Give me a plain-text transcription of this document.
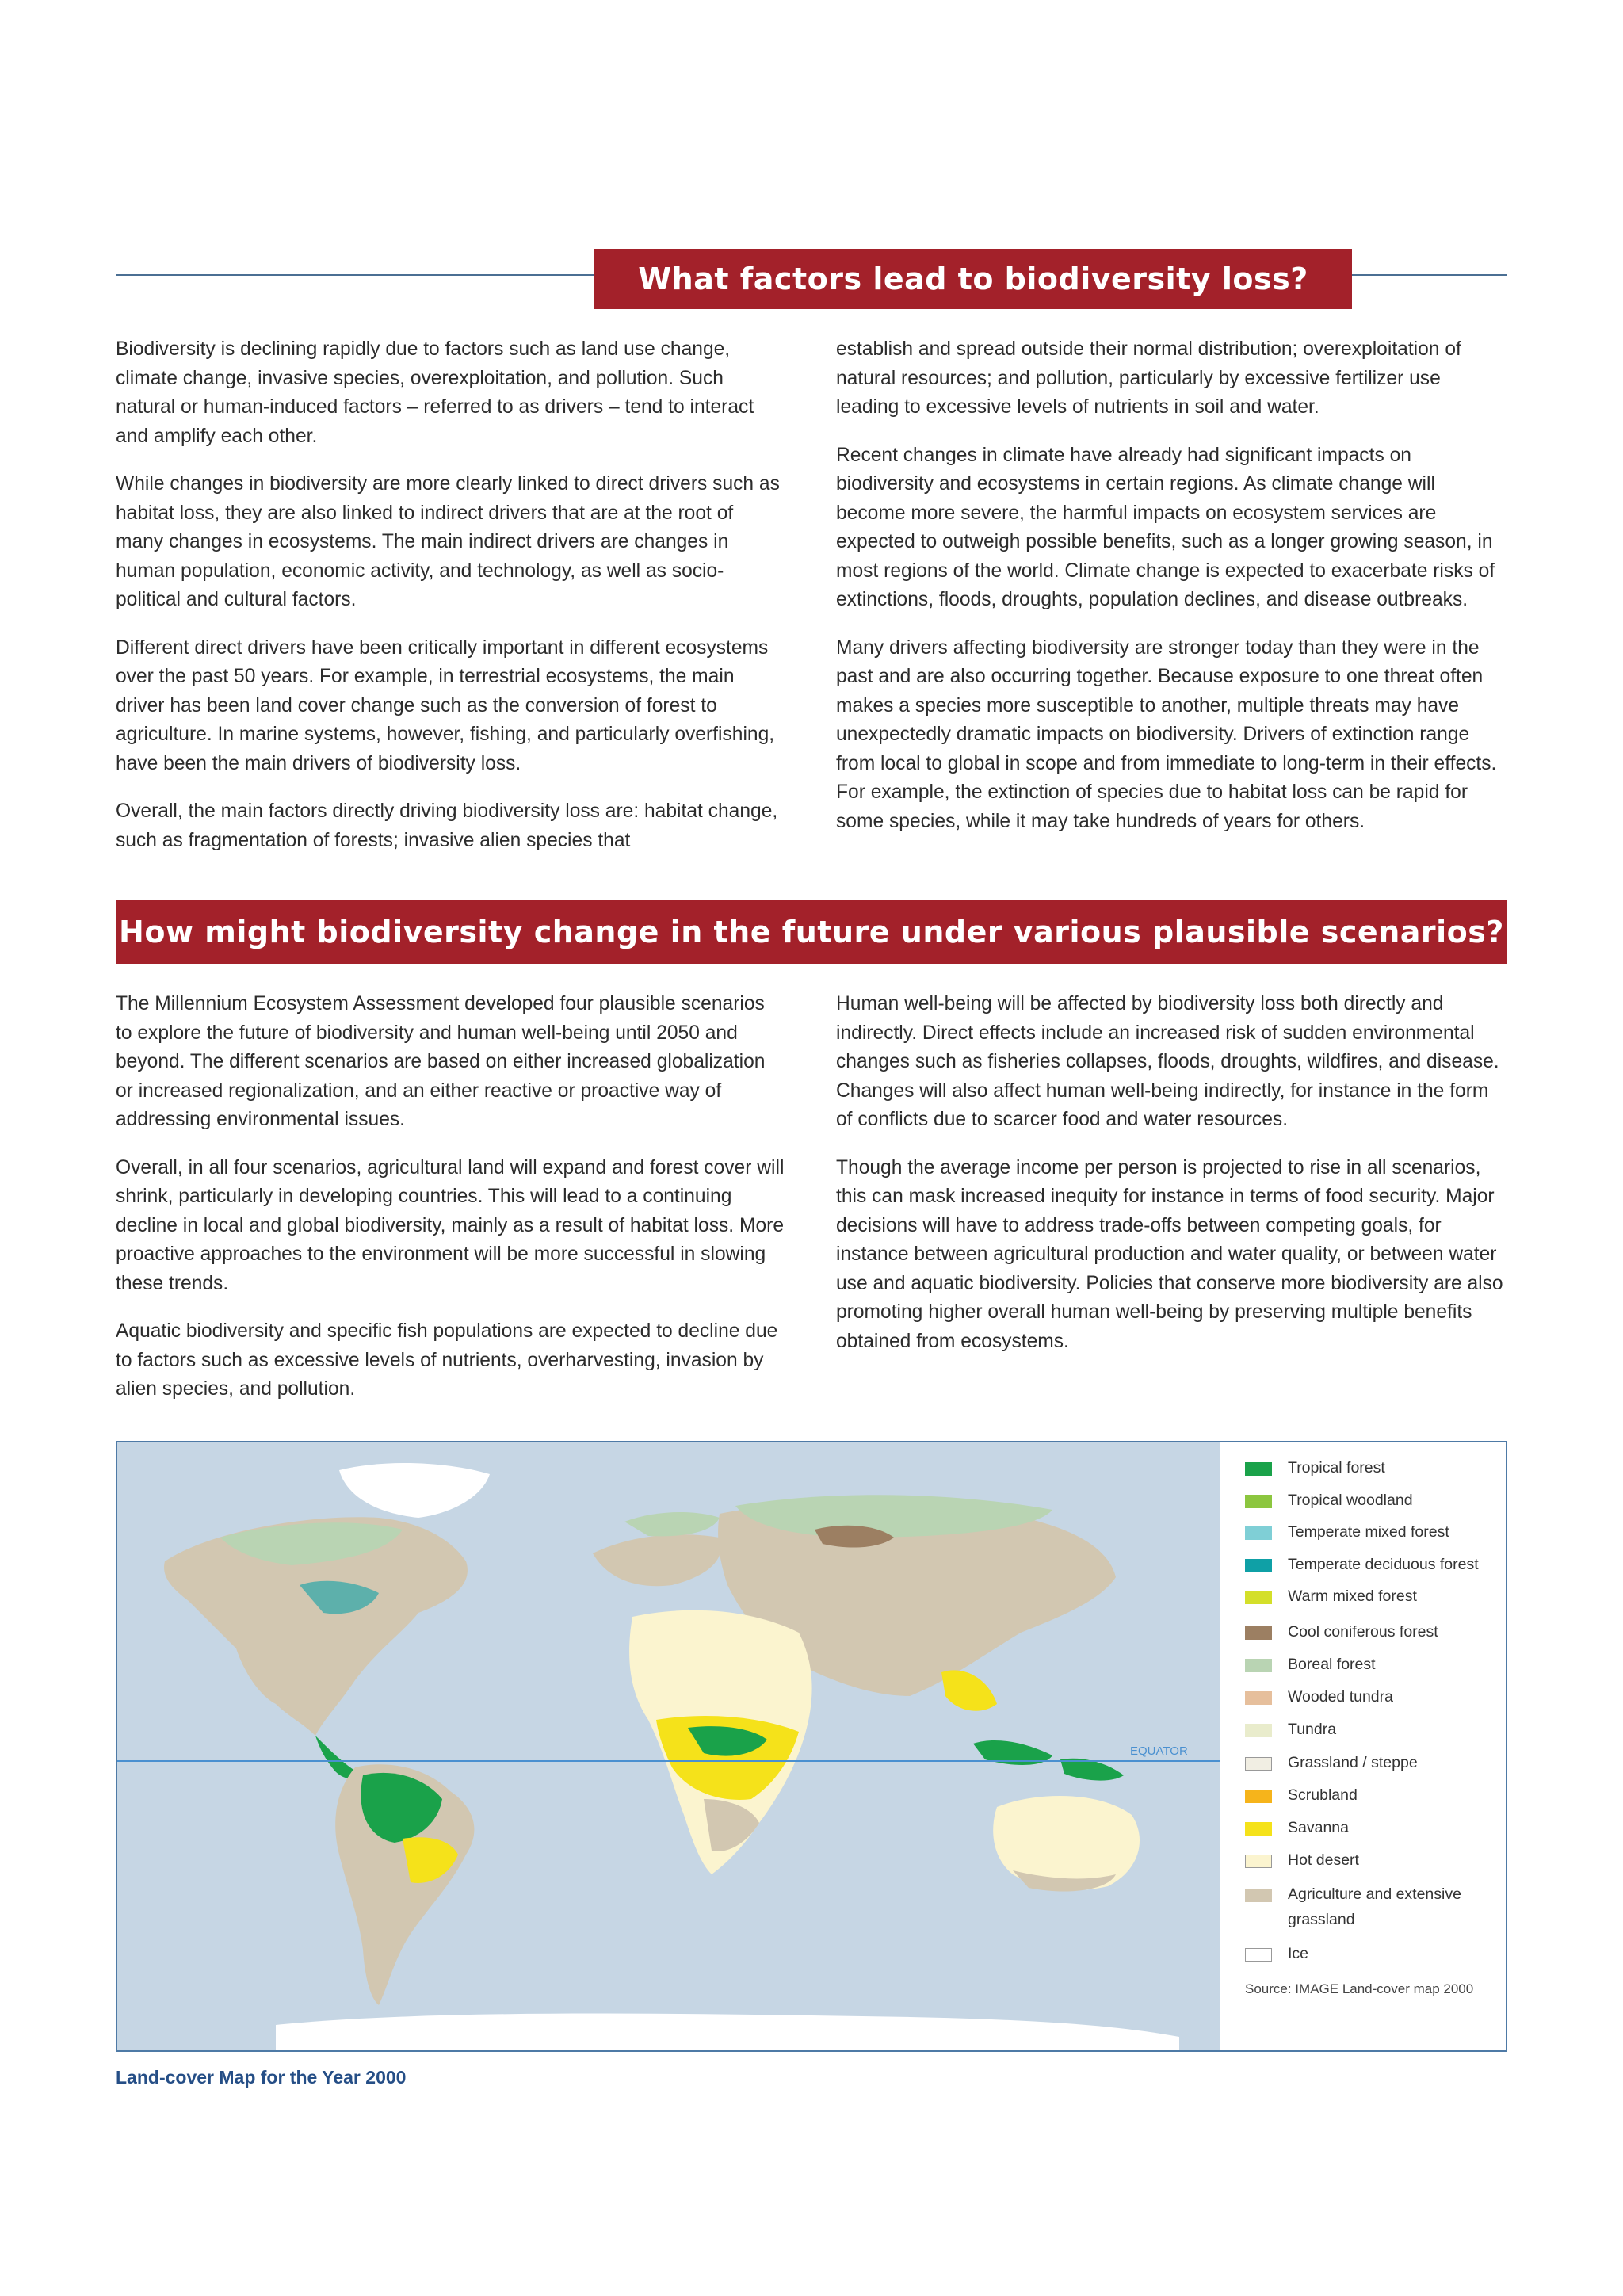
What factors lead to biodiversity loss?

Biodiversity is declining rapidly due to factors such as land use change, climate change, invasive species, overexploitation, and pollution. Such natural or human-induced factors – referred to as drivers – tend to interact and amplify each other.

While changes in biodiversity are more clearly linked to direct drivers such as habitat loss, they are also linked to indirect drivers that are at the root of many changes in ecosystems. The main indirect drivers are changes in human population, economic activity, and technology, as well as socio-political and cultural factors.

Different direct drivers have been critically important in different ecosystems over the past 50 years. For example, in terrestrial ecosystems, the main driver has been land cover change such as the conversion of forest to agriculture. In marine systems, however, fishing, and particularly overfishing, have been the main drivers of biodiversity loss.

Overall, the main factors directly driving biodiversity loss are: habitat change, such as fragmentation of forests; invasive alien species that

establish and spread outside their normal distribution; overexploitation of natural resources; and pollution, particularly by excessive fertilizer use leading to excessive levels of nutrients in soil and water.

Recent changes in climate have already had significant impacts on biodiversity and ecosystems in certain regions. As climate change will become more severe, the harmful impacts on ecosystem services are expected to outweigh possible benefits, such as a longer growing season, in most regions of the world. Climate change is expected to exacerbate risks of extinctions, floods, droughts, population declines, and disease outbreaks.

Many drivers affecting biodiversity are stronger today than they were in the past and are also occurring together. Because exposure to one threat often makes a species more susceptible to another, multiple threats may have unexpectedly dramatic impacts on biodiversity. Drivers of extinction range from local to global in scope and from immediate to long-term in their effects. For example, the extinction of species due to habitat loss can be rapid for some species, while it may take hundreds of years for others.

How might biodiversity change in the future under various plausible scenarios?

The Millennium Ecosystem Assessment developed four plausible scenarios to explore the future of biodiversity and human well-being until 2050 and beyond. The different scenarios are based on either increased globalization or increased regionalization, and an either reactive or proactive way of addressing environmental issues.

Overall, in all four scenarios, agricultural land will expand and forest cover will shrink, particularly in developing countries. This will lead to a continuing decline in local and global biodiversity, mainly as a result of habitat loss. More proactive approaches to the environment will be more successful in slowing these trends.

Aquatic biodiversity and specific fish populations are expected to decline due to factors such as excessive levels of nutrients, overharvesting, invasion by alien species, and pollution.

Human well-being will be affected by biodiversity loss both directly and indirectly. Direct effects include an increased risk of sudden environmental changes such as fisheries collapses, floods, droughts, wildfires, and disease. Changes will also affect human well-being indirectly, for instance in the form of conflicts due to scarcer food and water resources.

Though the average income per person is projected to rise in all scenarios, this can mask increased inequity for instance in terms of food security. Major decisions will have to address trade-offs between competing goals, for instance between agricultural production and water quality, or between water use and aquatic biodiversity. Policies that conserve more biodiversity are also promoting higher overall human well-being by preserving multiple benefits obtained from ecosystems.

EQUATOR
Tropical forest
Tropical woodland
Temperate mixed forest
Temperate deciduous forest
Warm mixed forest
Cool coniferous forest
Boreal forest
Wooded tundra
Tundra
Grassland / steppe
Scrubland
Savanna
Hot desert
Agriculture and extensive grassland
Ice
Source: IMAGE Land-cover map 2000
Land-cover Map for the Year 2000
